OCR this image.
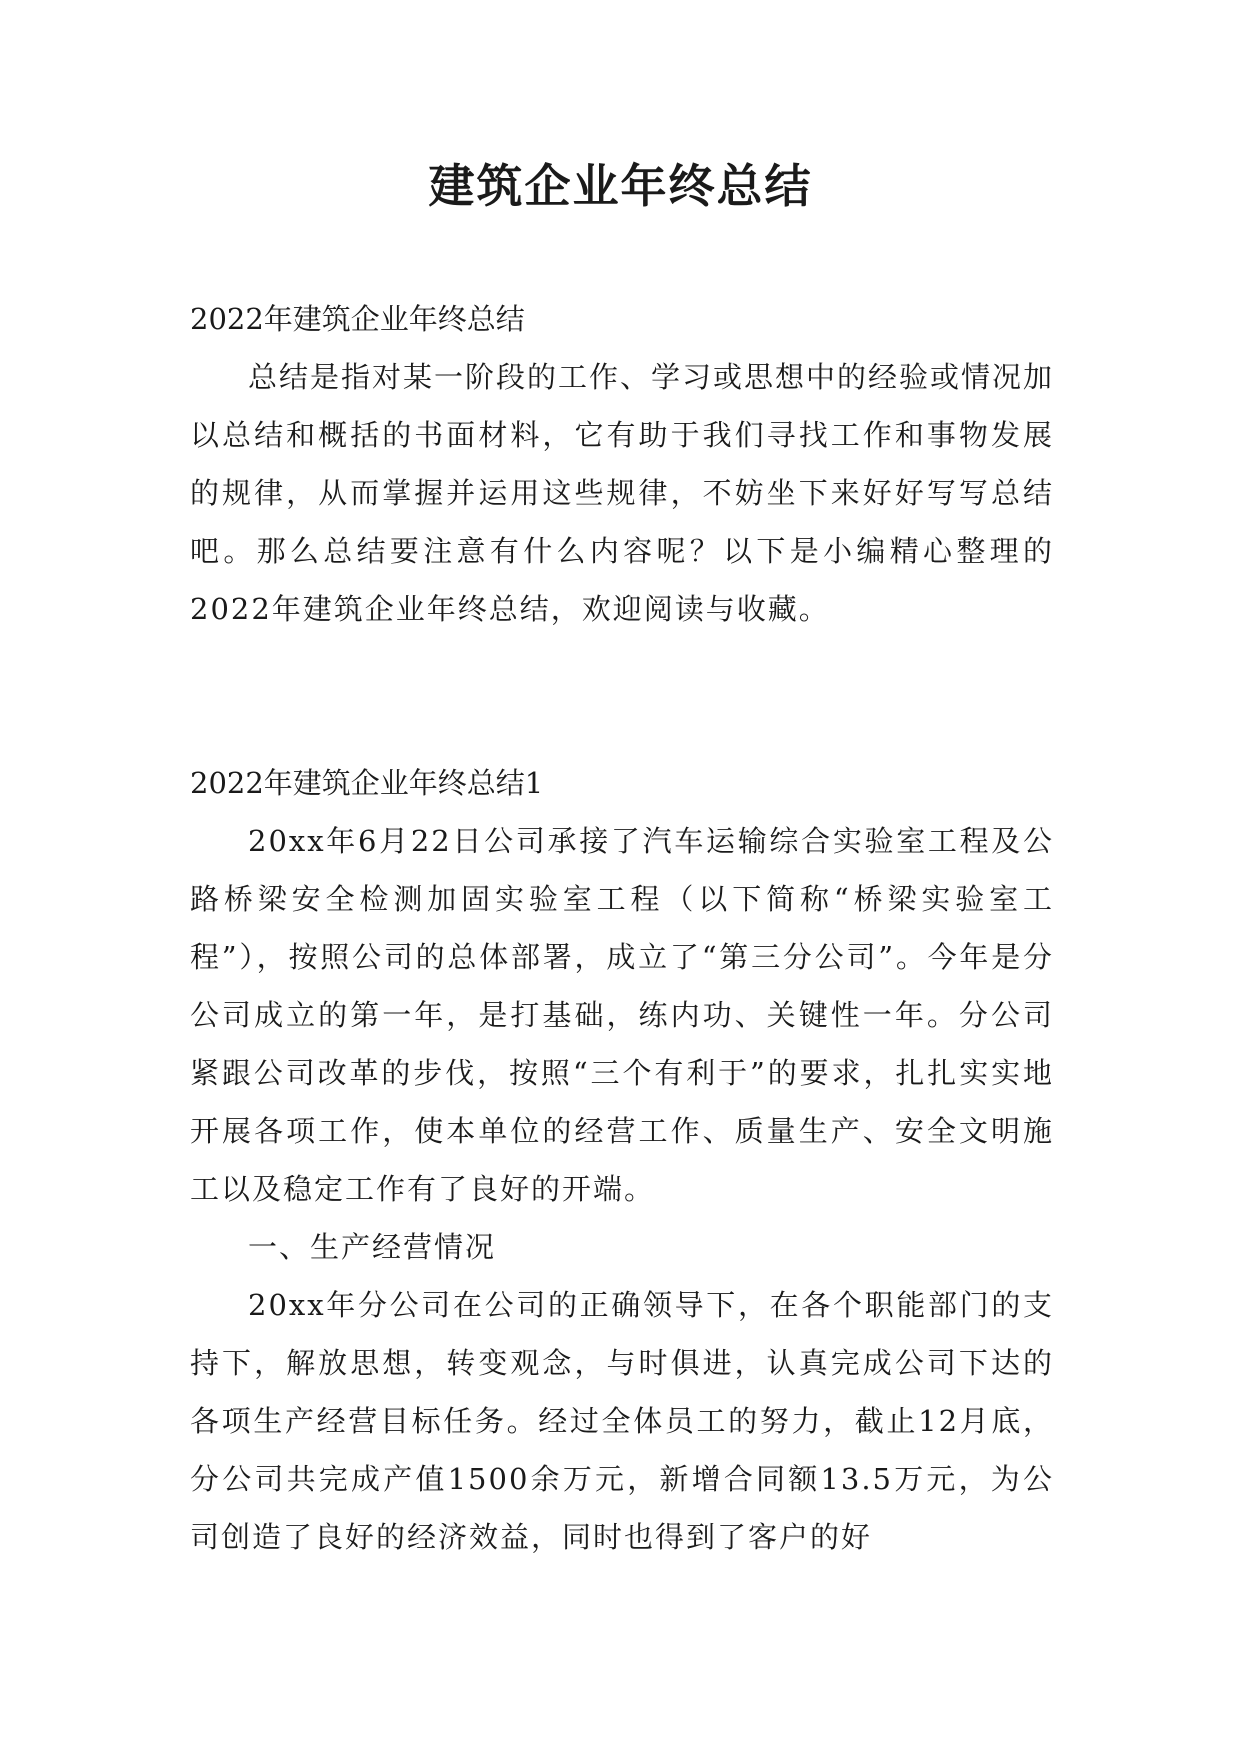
建筑企业年终总结

2022年建筑企业年终总结

总结是指对某一阶段的工作、学习或思想中的经验或情况加以总结和概括的书面材料，它有助于我们寻找工作和事物发展的规律，从而掌握并运用这些规律，不妨坐下来好好写写总结吧。那么总结要注意有什么内容呢？以下是小编精心整理的2022年建筑企业年终总结，欢迎阅读与收藏。

2022年建筑企业年终总结1

20xx年6月22日公司承接了汽车运输综合实验室工程及公路桥梁安全检测加固实验室工程（以下简称“桥梁实验室工程”），按照公司的总体部署，成立了“第三分公司”。今年是分公司成立的第一年，是打基础，练内功、关键性一年。分公司紧跟公司改革的步伐，按照“三个有利于”的要求，扎扎实实地开展各项工作，使本单位的经营工作、质量生产、安全文明施工以及稳定工作有了良好的开端。

一、生产经营情况

20xx年分公司在公司的正确领导下，在各个职能部门的支持下，解放思想，转变观念，与时俱进，认真完成公司下达的各项生产经营目标任务。经过全体员工的努力，截止12月底，分公司共完成产值1500余万元，新增合同额13.5万元，为公司创造了良好的经济效益，同时也得到了客户的好
